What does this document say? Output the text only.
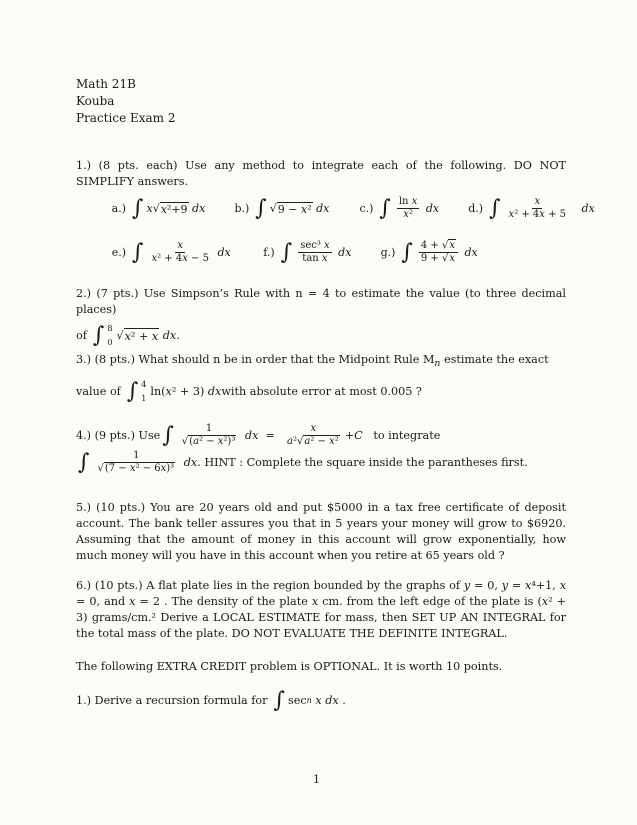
Math 21B
Kouba
Practice Exam 2
1.) (8 pts. each) Use any method to integrate each of the following. DO NOT SIMPLIFY answers.
a.) ∫ x √ x²+9
dx	b.) ∫ √ 9 − x²
dx	c.) ∫ $\frac{\text{ln x}}{\text{x²}}$
dx	d.) ∫ $\frac{x}{\text{x² + 4x + 5}}$
dx
e.) ∫ $\frac{x}{\text{x² + 4x − 5}}$
dx	f.) ∫ $\frac{\text{sec³ x}}{\text{tan x}}$
dx	g.) ∫ $\frac{4 + √x}{9 + √x}$
dx
2.) (7 pts.) Use Simpson’s Rule with n = 4 to estimate the value (to three decimal places)
of ∫ 8
0
√ x² + x
dx.
3.) (8 pts.) What should n be in order that the Midpoint Rule $M_n$ estimate the exact
value of ∫ 4
1
ln( x ² + 3) dx with absolute error at most 0.005 ?
4.) (9 pts.) Use ∫ $\frac{1}{\text{√(a² − x²)³}}$
dx = $\frac{x}{\text{a²√a² − x²}} + C$
to integrate
∫ $\frac{1}{\text{√(7 − x² − 6x)³}}$
dx . HINT : Complete the square inside the parantheses first.
5.) (10 pts.) You are 20 years old and put $5000 in a tax free certificate of deposit account. The bank teller assures you that in 5 years your money will grow to $6920. Assuming that the amount of money in this account will grow exponentially, how much money will you have in this account when you retire at 65 years old ?
6.) (10 pts.) A flat plate lies in the region bounded by the graphs of y = 0, y = x⁴+1, x = 0, and x = 2 . The density of the plate x cm. from the left edge of the plate is (x² + 3) grams/cm.² Derive a LOCAL ESTIMATE for mass, then SET UP AN INTEGRAL for the total mass of the plate. DO NOT EVALUATE THE DEFINITE INTEGRAL.
The following EXTRA CREDIT problem is OPTIONAL. It is worth 10 points.
1.) Derive a recursion formula for ∫ sec n
x
dx .
1
